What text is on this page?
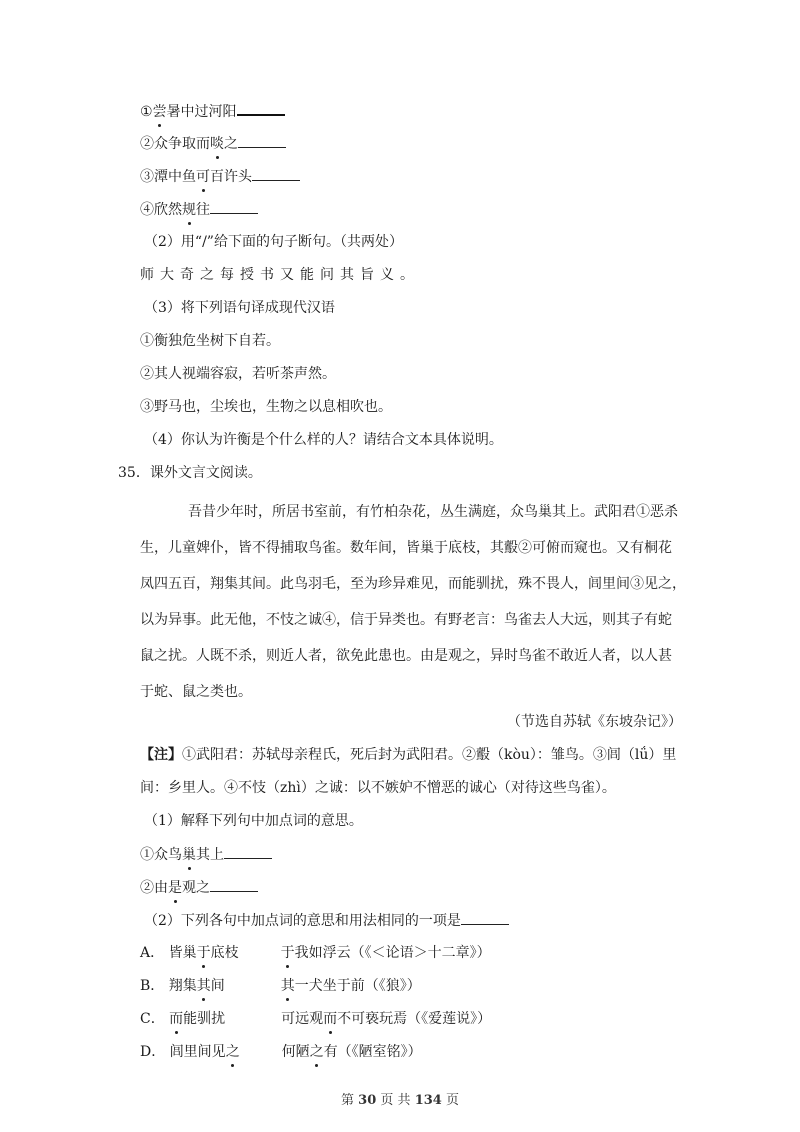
①尝暑中过河阳
②众争取而啖之
③潭中鱼可百许头
④欣然规往
（2）用“/”给下面的句子断句。（共两处）
师大奇之每授书又能问其旨义。
（3）将下列语句译成现代汉语
①衡独危坐树下自若。
②其人视端容寂，若听茶声然。
③野马也，尘埃也，生物之以息相吹也。
（4）你认为许衡是个什么样的人？请结合文本具体说明。
35．课外文言文阅读。
吾昔少年时，所居书室前，有竹柏杂花，丛生满庭，众鸟巢其上。武阳君①恶杀
生，儿童婢仆，皆不得捕取鸟雀。数年间，皆巢于底枝，其鷇②可俯而窥也。又有桐花
凤四五百，翔集其间。此鸟羽毛，至为珍异难见，而能驯扰，殊不畏人，闾里间③见之，
以为异事。此无他，不忮之诚④，信于异类也。有野老言：鸟雀去人大远，则其子有蛇
鼠之扰。人既不杀，则近人者，欲免此患也。由是观之，异时鸟雀不敢近人者，以人甚
于蛇、鼠之类也。
（节选自苏轼《东坡杂记》）
【注】①武阳君：苏轼母亲程氏，死后封为武阳君。②鷇（kòu）：雏鸟。③闾（lǘ）里
间：乡里人。④不忮（zhì）之诚：以不嫉妒不憎恶的诚心（对待这些鸟雀）。
（1）解释下列句中加点词的意思。
①众鸟巢其上
②由是观之
（2）下列各句中加点词的意思和用法相同的一项是
A． 皆巢于底枝	于我如浮云（《＜论语＞十二章》）
B． 翔集其间	其一犬坐于前（《狼》）
C． 而能驯扰	可远观而不可亵玩焉（《爱莲说》）
D． 闾里间见之	何陋之有（《陋室铭》）
第 30 页 共 134 页
